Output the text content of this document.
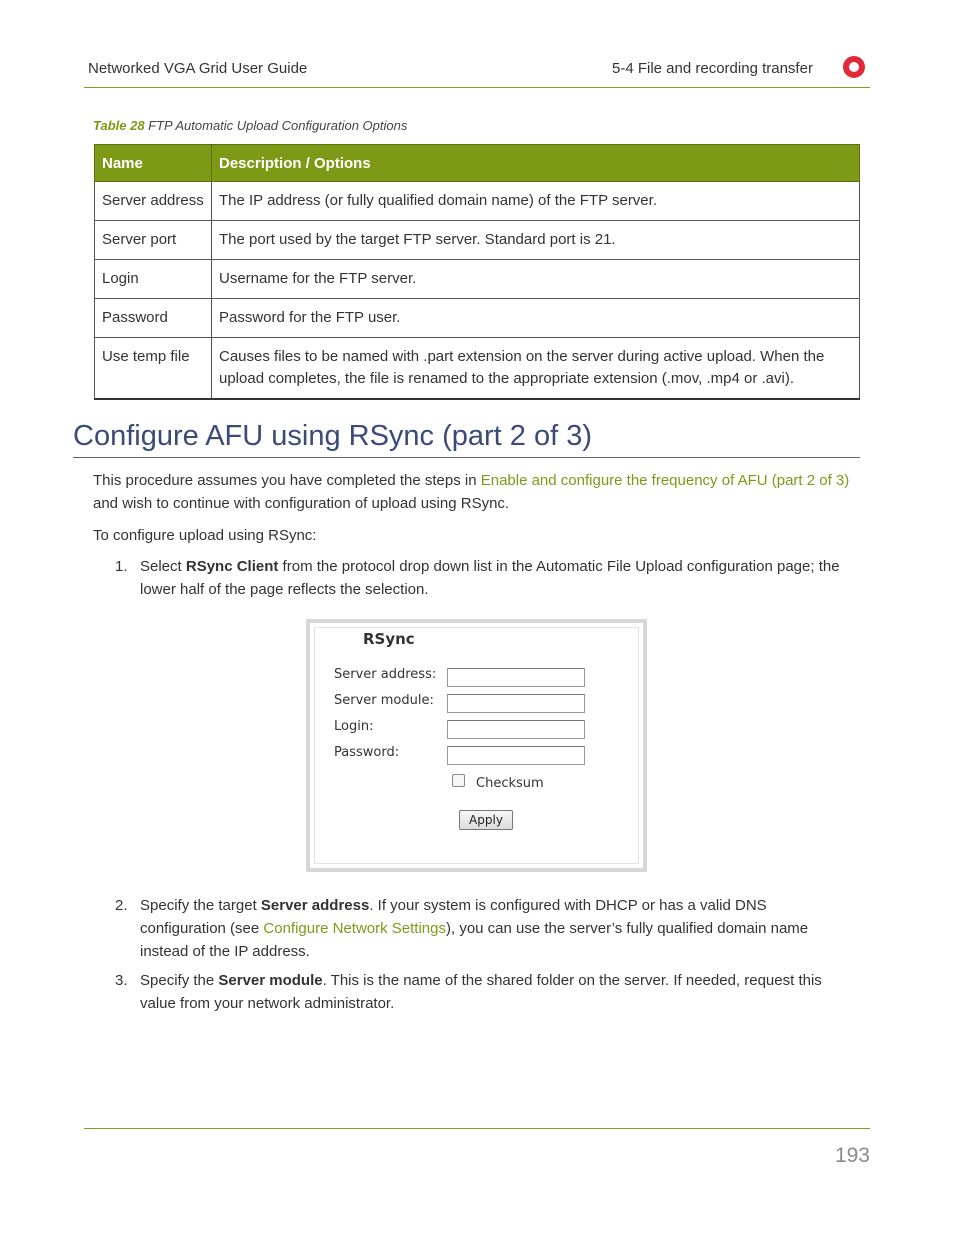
Networked VGA Grid User Guide	5-4 File and recording transfer
Table 28 FTP Automatic Upload Configuration Options
Name	Description / Options
Server address	The IP address (or fully qualified domain name) of the FTP server.
Server port	The port used by the target FTP server. Standard port is 21.
Login	Username for the FTP server.
Password	Password for the FTP user.
Use temp file	Causes files to be named with .part extension on the server during active upload. When the upload completes, the file is renamed to the appropriate extension (.mov, .mp4 or .avi).
Configure AFU using RSync (part 2 of 3)
This procedure assumes you have completed the steps in Enable and configure the frequency of AFU (part 2 of 3) and wish to continue with configuration of upload using RSync.
To configure upload using RSync:
1. Select RSync Client from the protocol drop down list in the Automatic File Upload configuration page; the lower half of the page reflects the selection.
RSync
Server address:
Server module:
Login:
Password:
Checksum
Apply
2. Specify the target Server address. If your system is configured with DHCP or has a valid DNS configuration (see Configure Network Settings), you can use the server’s fully qualified domain name instead of the IP address.
3. Specify the Server module. This is the name of the shared folder on the server. If needed, request this value from your network administrator.
193
